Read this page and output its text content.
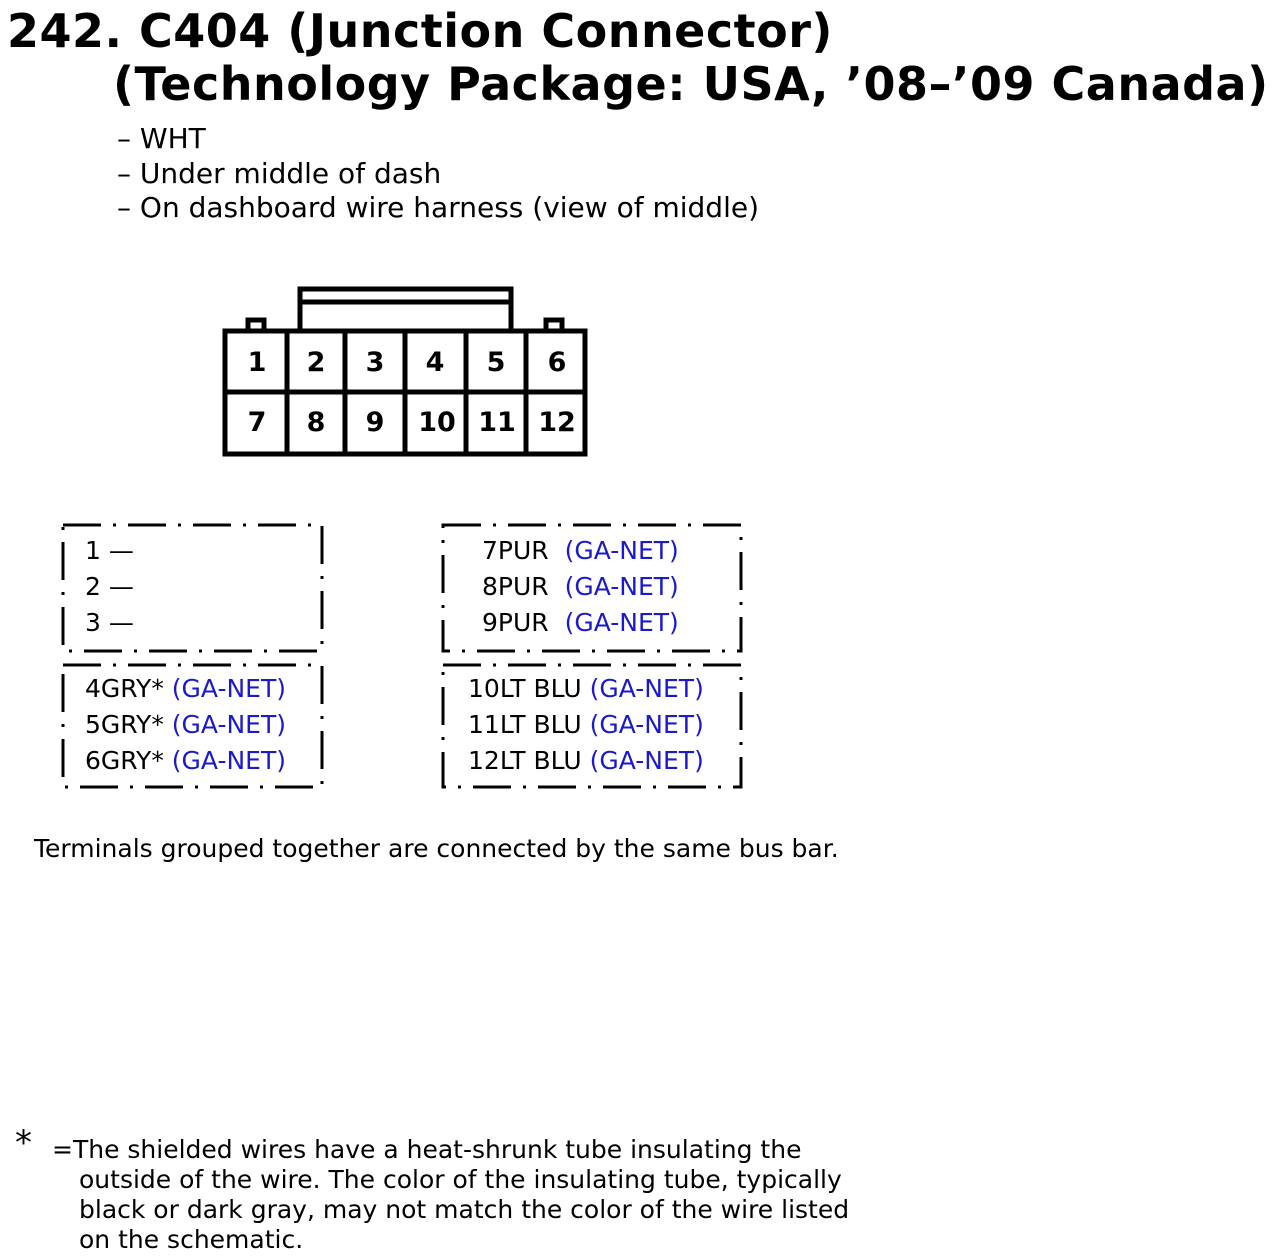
242. C404 (Junction Connector)
(Technology Package: USA, ’08–’09 Canada)
– WHT
– Under middle of dash
– On dashboard wire harness (view of middle)
1 2 3 4 5 6
7 8 9 10 11 12
1 —
2 —
3 —
7PUR (GA-NET)
8PUR (GA-NET)
9PUR (GA-NET)
4GRY* (GA-NET)
5GRY* (GA-NET)
6GRY* (GA-NET)
10LT BLU (GA-NET)
11LT BLU (GA-NET)
12LT BLU (GA-NET)
Terminals grouped together are connected by the same bus bar.
* =The shielded wires have a heat-shrunk tube insulating the
outside of the wire. The color of the insulating tube, typically
black or dark gray, may not match the color of the wire listed
on the schematic.
